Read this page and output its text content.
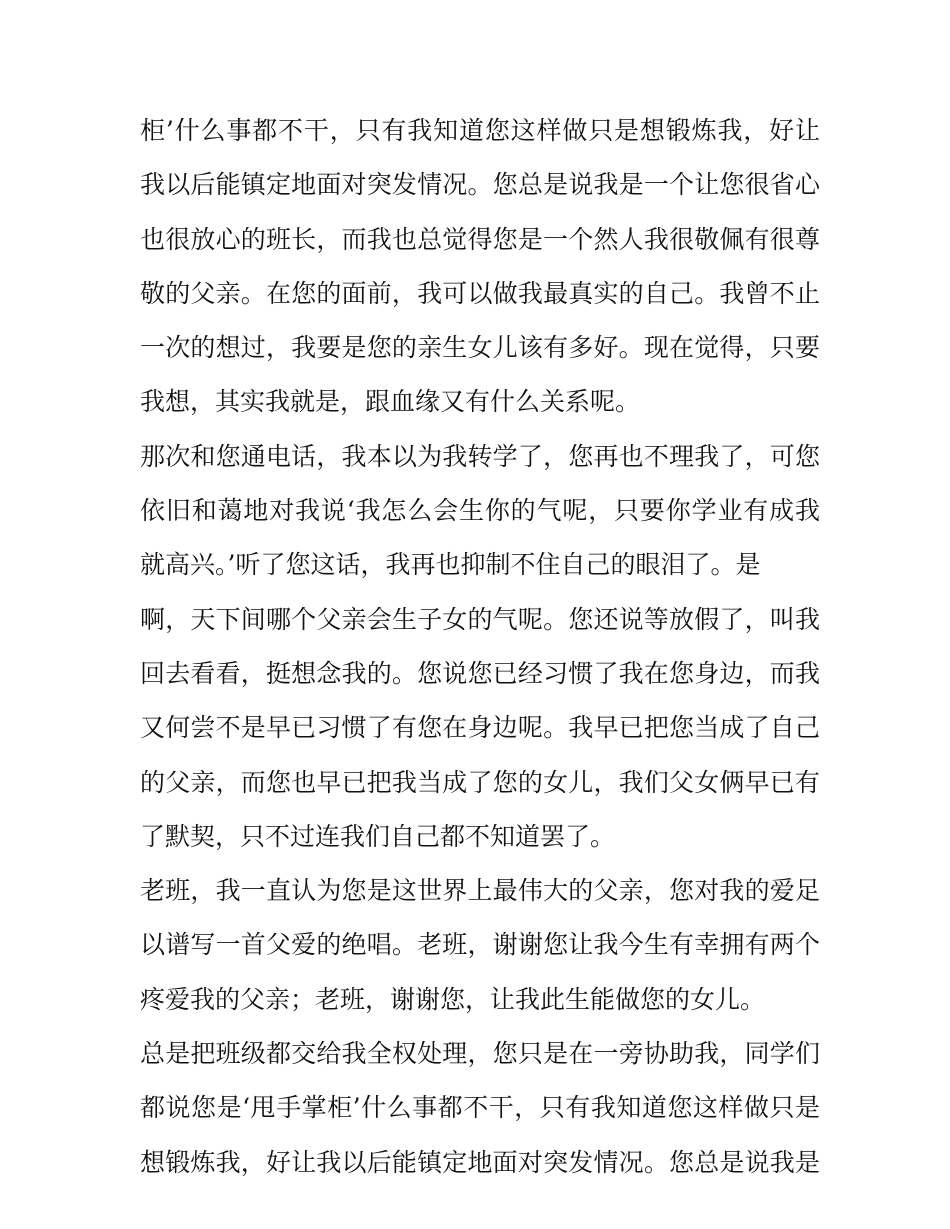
柜’什么事都不干，只有我知道您这样做只是想锻炼我，好让
我以后能镇定地面对突发情况。您总是说我是一个让您很省心
也很放心的班长，而我也总觉得您是一个然人我很敬佩有很尊
敬的父亲。在您的面前，我可以做我最真实的自己。我曾不止
一次的想过，我要是您的亲生女儿该有多好。现在觉得，只要
我想，其实我就是，跟血缘又有什么关系呢。
那次和您通电话，我本以为我转学了，您再也不理我了，可您
依旧和蔼地对我说‘我怎么会生你的气呢，只要你学业有成我
就高兴。’听了您这话，我再也抑制不住自己的眼泪了。是
啊，天下间哪个父亲会生子女的气呢。您还说等放假了，叫我
回去看看，挺想念我的。您说您已经习惯了我在您身边，而我
又何尝不是早已习惯了有您在身边呢。我早已把您当成了自己
的父亲，而您也早已把我当成了您的女儿，我们父女俩早已有
了默契，只不过连我们自己都不知道罢了。
老班，我一直认为您是这世界上最伟大的父亲，您对我的爱足
以谱写一首父爱的绝唱。老班，谢谢您让我今生有幸拥有两个
疼爱我的父亲；老班，谢谢您，让我此生能做您的女儿。
总是把班级都交给我全权处理，您只是在一旁协助我，同学们
都说您是‘甩手掌柜’什么事都不干，只有我知道您这样做只是
想锻炼我，好让我以后能镇定地面对突发情况。您总是说我是
